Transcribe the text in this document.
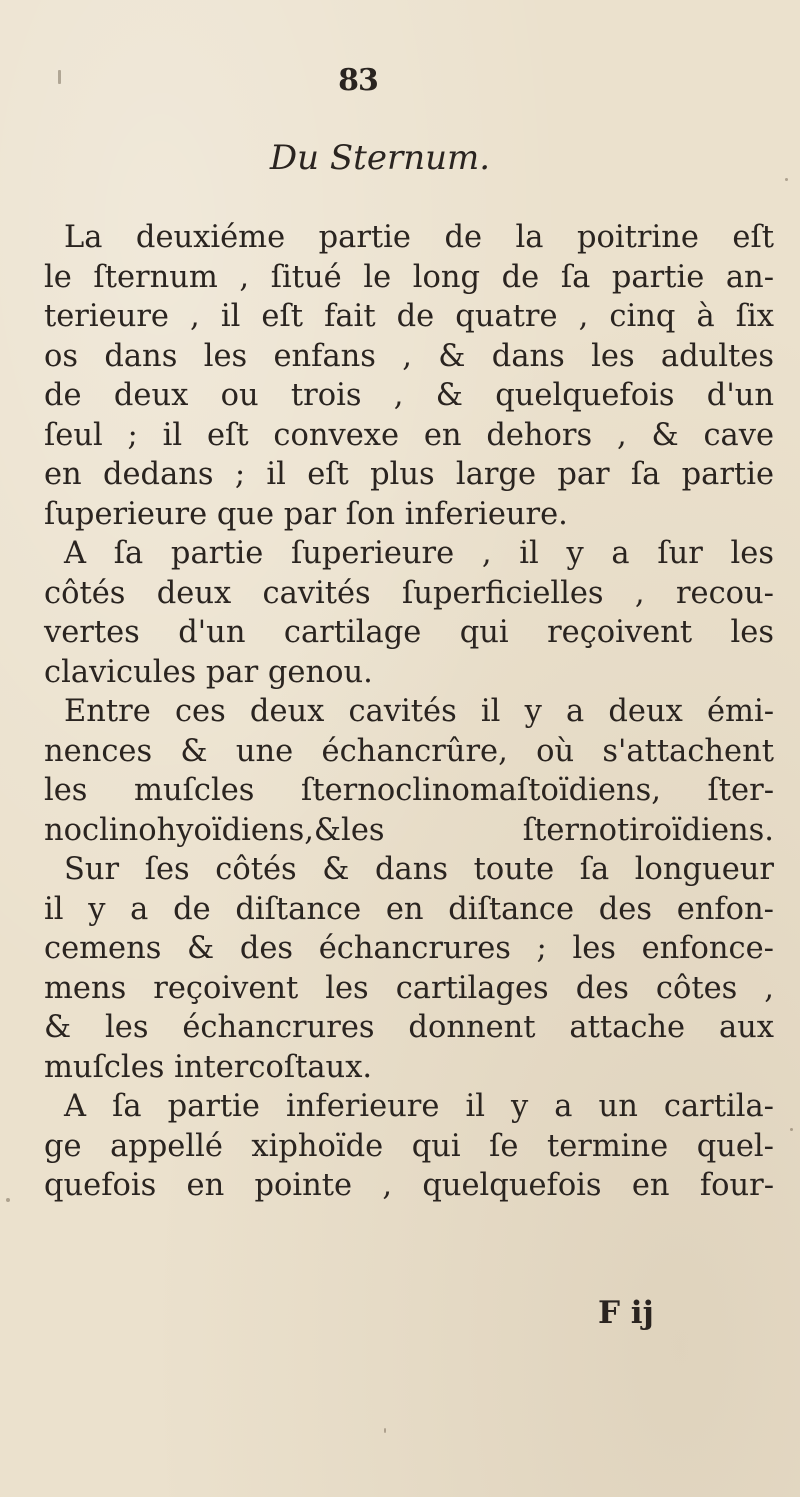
83
Du Sternum.
La deuxiéme partie de la poitrine eſt
le ſternum , ſitué le long de ſa partie an-
terieure , il eſt fait de quatre , cinq à ſix
os dans les enfans , & dans les adultes
de deux ou trois , & quelquefois d'un
ſeul ; il eſt convexe en dehors , & cave
en dedans ; il eſt plus large par ſa partie
ſuperieure que par ſon inferieure.
A ſa partie ſuperieure , il y a ſur les
côtés deux cavités ſuperficielles , recou-
vertes d'un cartilage qui reçoivent les
clavicules par genou.
Entre ces deux cavités il y a deux émi-
nences & une échancrûre, où s'attachent
les muſcles ſternoclinomaſtoïdiens, ſter-
noclinohyoïdiens,&les ſternotiroïdiens.
Sur ſes côtés & dans toute ſa longueur
il y a de diſtance en diſtance des enfon-
cemens & des échancrures ; les enfonce-
mens reçoivent les cartilages des côtes ,
& les échancrures donnent attache aux
muſcles intercoſtaux.
A ſa partie inferieure il y a un cartila-
ge appellé xiphoïde qui ſe termine quel-
quefois en pointe , quelquefois en four-
F ij
